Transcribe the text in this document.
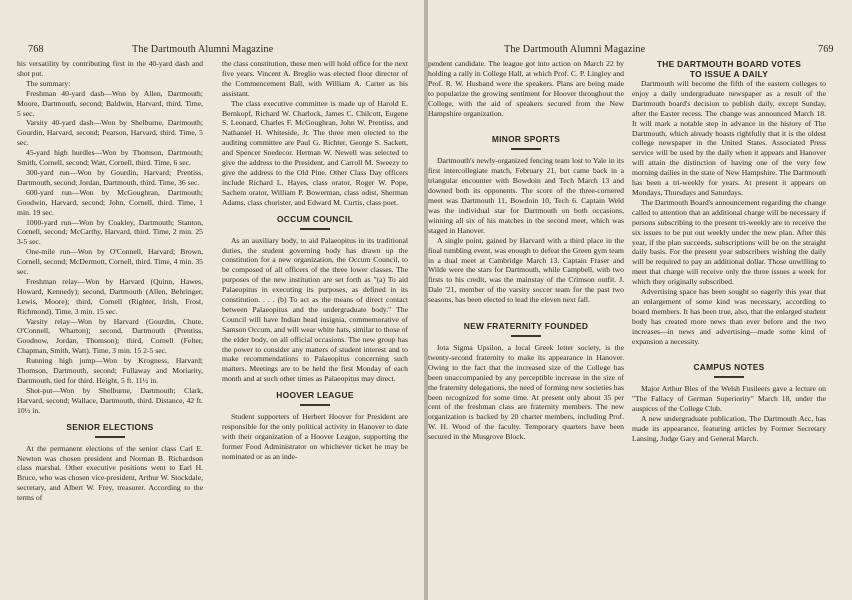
768	The Dartmouth Alumni Magazine

his versatility by contributing first in the 40-yard dash and shot put.

The summary:

Freshman 40-yard dash—Won by Allen, Dartmouth; Moore, Dartmouth, second; Baldwin, Harvard, third. Time, 5 sec.

Varsity 40-yard dash—Won by Shelburne, Dartmouth; Gourdin, Harvard, second; Pearson, Harvard, third. Time, 5 sec.

45-yard high hurdles—Won by Thomson, Dartmouth; Smith, Cornell, second; Watt, Cornell, third. Time, 6 sec.

300-yard run—Won by Gourdin, Harvard; Prentiss, Dartmouth, second; Jordan, Dartmouth, third. Time, 36 sec.

600-yard run—Won by McGoughran, Dartmouth; Goodwin, Harvard, second; John, Cornell, third. Time, 1 min. 19 sec.

1000-yard run—Won by Coakley, Dartmouth; Stanton, Cornell, second; McCarthy, Harvard, third. Time, 2 min. 25 3-5 sec.

One-mile run—Won by O'Connell, Harvard; Brown, Cornell, second; McDermott, Cornell, third. Time, 4 min. 35 sec.

Freshman relay—Won by Harvard (Quinn, Hawes, Howard, Kennedy); second, Dartmouth (Allen, Behringer, Lewis, Moore); third, Cornell (Righter, Irish, Frost, Richmond). Time, 3 min. 15 sec.

Varsity relay—Won by Harvard (Gourdin, Chute, O'Connell, Wharton); second, Dartmouth (Prentiss, Goodnow, Jordan, Thomson); third, Cornell (Felter, Chapman, Smith, Watt). Time, 3 min. 15 2-5 sec.

Running high jump—Won by Krogness, Harvard; Thomson, Dartmouth, second; Fullaway and Moriarity, Dartmouth, tied for third. Height, 5 ft. 11½ in.

Shot-put—Won by Shelburne, Dartmouth; Clark, Harvard, second; Wallace, Dartmouth, third. Distance, 42 ft. 10½ in.

SENIOR ELECTIONS

At the permanent elections of the senior class Carl E. Newton was chosen president and Norman B. Richardson class marshal. Other executive positions went to Earl H. Bruce, who was chosen vice-president, Arthur W. Stockdale, secretary, and Albert W. Frey, treasurer. According to the terms of

the class constitution, these men will hold office for the next five years. Vincent A. Breglio was elected floor director of the Commencement Ball, with William A. Carter as his assistant.

The class executive committee is made up of Harold E. Bernkopf, Richard W. Charlock, James C. Chilcott, Eugene S. Leonard, Charles F. McGoughran, John W. Prentiss, and Nathaniel H. Whiteside, Jr. The three men elected to the auditing committee are Paul G. Richter, George S. Sackett, and Spencer Snedecor. Herman W. Newell was selected to give the address to the President, and Carroll M. Sweezy to give the address to the Old Pine. Other Class Day officers include Richard L. Hayes, class orator, Roger W. Pope, Sachem orator, William P. Bowerman, class odist, Sherman Adams, class chorister, and Edward M. Curtis, class poet.

OCCUM COUNCIL

As an auxiliary body, to aid Palaeopitus in its traditional duties, the student governing body has drawn up the constitution for a new organization, the Occum Council, to be composed of all officers of the three lower classes. The purposes of the new institution are set forth as "(a) To aid Palaeopitus in executing its purposes, as defined in its constitution. . . . (b) To act as the means of direct contact between Palaeopitus and the undergraduate body." The Council will have Indian head insignia, commemorative of Samson Occum, and will wear white hats, similar to those of the elder body, on all official occasions. The new group has the power to consider any matters of student interest and to make recommendations to Palaeopitus concerning such matters. Meetings are to be held the first Monday of each month and at such other times as Palaeopitus may direct.

HOOVER LEAGUE

Student supporters of Herbert Hoover for President are responsible for the only political activity in Hanover to date with their organization of a Hoover League, supporting the former Food Administrator on whichever ticket he may be nominated or as an inde-

The Dartmouth Alumni Magazine	769

pendent candidate. The league got into action on March 22 by holding a rally in College Hall, at which Prof. C. P. Lingley and Prof. R. W. Husband were the speakers. Plans are being made to popularize the growing sentiment for Hoover throughout the College, with the aid of speakers secured from the New Hampshire organization.

MINOR SPORTS

Dartmouth's newly-organized fencing team lost to Yale in its first intercollegiate match, February 21, but came back in a triangular encounter with Bowdoin and Tech March 13 and downed both its opponents. The score of the three-cornered meet was Dartmouth 11, Bowdoin 10, Tech 6. Captain Weld was the individual star for Dartmouth on both occasions, winning all six of his matches in the second meet, which was staged in Hanover.

A single point, gained by Harvard with a third place in the final tumbling event, was enough to defeat the Green gym team in a dual meet at Cambridge March 13. Captain Fraser and Wilde were the stars for Dartmouth, while Campbell, with two firsts to his credit, was the mainstay of the Crimson outfit. J. Dale '21, member of the varsity soccer team for the past two seasons, has been elected to lead the eleven next fall.

NEW FRATERNITY FOUNDED

Iota Sigma Upsilon, a local Greek letter society, is the twenty-second fraternity to make its appearance in Hanover. Owing to the fact that the increased size of the College has been unaccompanied by any perceptible increase in the size of the fraternity delegations, the need of forming new societies has been recognized for some time. At present only about 35 per cent of the freshman class are fraternity members. The new organization is backed by 20 charter members, including Prof. W. H. Wood of the faculty. Temporary quarters have been secured in the Musgrove Block.

THE DARTMOUTH BOARD VOTES
TO ISSUE A DAILY

Dartmouth will become the fifth of the eastern colleges to enjoy a daily undergraduate newspaper as a result of the Dartmouth board's decision to publish daily, except Sunday, after the Easter recess. The change was announced March 18. It will mark a notable step in advance in the history of The Dartmouth, which already boasts rightfully that it is the oldest college newspaper in the United States. Associated Press service will be used by the daily when it appears and Hanover will attain the distinction of having one of the very few morning dailies in the state of New Hampshire. The Dartmouth has been a tri-weekly for years. At present it appears on Mondays, Thursdays and Saturdays.

The Dartmouth Board's announcement regarding the change called to attention that an additional charge will be necessary if persons subscribing to the present tri-weekly are to receive the six issues to be put out weekly under the new plan. After this year, if the plan succeeds, subscriptions will be on the straight daily basis. For the present year subscribers wishing the daily will be required to pay an additional dollar. Those unwilling to meet that charge will receive only the three issues a week for which they originally subscribed.

Advertising space has been sought so eagerly this year that an enlargement of some kind was necessary, according to board members. It has been true, also, that the enlarged student body has created more news than ever before and the two increases—in news and advertising—made some kind of expansion a necessity.

CAMPUS NOTES

Major Arthur Bles of the Welsh Fusileers gave a lecture on "The Fallacy of German Superiority" March 18, under the auspices of the College Club.

A new undergraduate publication, The Dartmouth Acc, has made its appearance, featuring articles by Former Secretary Lansing, Judge Gary and General March.
